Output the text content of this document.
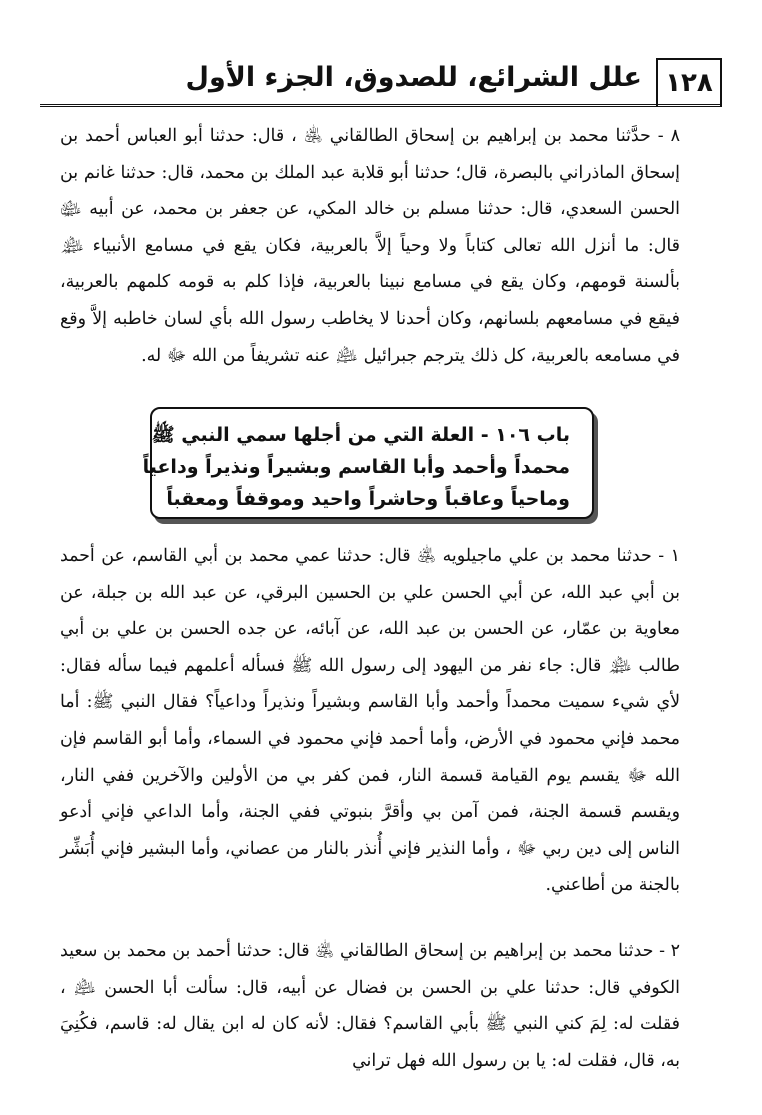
١٢٨
علل الشرائع، للصدوق، الجزء الأول
٨ - حدَّثنا محمد بن إبراهيم بن إسحاق الطالقاني ﵁ ، قال: حدثنا أبو العباس أحمد بن إسحاق الماذراني بالبصرة، قال؛ حدثنا أبو قلابة عبد الملك بن محمد، قال: حدثنا غانم بن الحسن السعدي، قال: حدثنا مسلم بن خالد المكي، عن جعفر بن محمد، عن أبيه ﵉ قال: ما أنزل الله تعالى كتاباً ولا وحياً إلاَّ بالعربية، فكان يقع في مسامع الأنبياء ﵈ بألسنة قومهم، وكان يقع في مسامع نبينا بالعربية، فإذا كلم به قومه كلمهم بالعربية، فيقع في مسامعهم بلسانهم، وكان أحدنا لا يخاطب رسول الله بأي لسان خاطبه إلاَّ وقع في مسامعه بالعربية، كل ذلك يترجم جبرائيل ﵇ عنه تشريفاً من الله ﷻ له.
باب ١٠٦ - العلة التي من أجلها سمي النبي ﷺ
محمداً وأحمد وأبا القاسم وبشيراً ونذيراً وداعياً
وماحياً وعاقباً وحاشراً واحيد وموقفاً ومعقباً
١ - حدثنا محمد بن علي ماجيلويه ﵁ قال: حدثنا عمي محمد بن أبي القاسم، عن أحمد بن أبي عبد الله، عن أبي الحسن علي بن الحسين البرقي، عن عبد الله بن جبلة، عن معاوية بن عمّار، عن الحسن بن عبد الله، عن آبائه، عن جده الحسن بن علي بن أبي طالب ﵈ قال: جاء نفر من اليهود إلى رسول الله ﷺ فسأله أعلمهم فيما سأله فقال: لأي شيء سميت محمداً وأحمد وأبا القاسم وبشيراً ونذيراً وداعياً؟ فقال النبي ﷺ: أما محمد فإني محمود في الأرض، وأما أحمد فإني محمود في السماء، وأما أبو القاسم فإن الله ﷻ يقسم يوم القيامة قسمة النار، فمن كفر بي من الأولين والآخرين ففي النار، ويقسم قسمة الجنة، فمن آمن بي وأقرَّ بنبوتي ففي الجنة، وأما الداعي فإني أدعو الناس إلى دين ربي ﷻ ، وأما النذير فإني أُنذر بالنار من عصاني، وأما البشير فإني أُبَشِّر بالجنة من أطاعني.
٢ - حدثنا محمد بن إبراهيم بن إسحاق الطالقاني ﵁ قال: حدثنا أحمد بن محمد بن سعيد الكوفي قال: حدثنا علي بن الحسن بن فضال عن أبيه، قال: سألت أبا الحسن ﵇ ، فقلت له: لِمَ كني النبي ﷺ بأبي القاسم؟ فقال: لأنه كان له ابن يقال له: قاسم، فكُنِيَ به، قال، فقلت له: يا بن رسول الله فهل تراني
